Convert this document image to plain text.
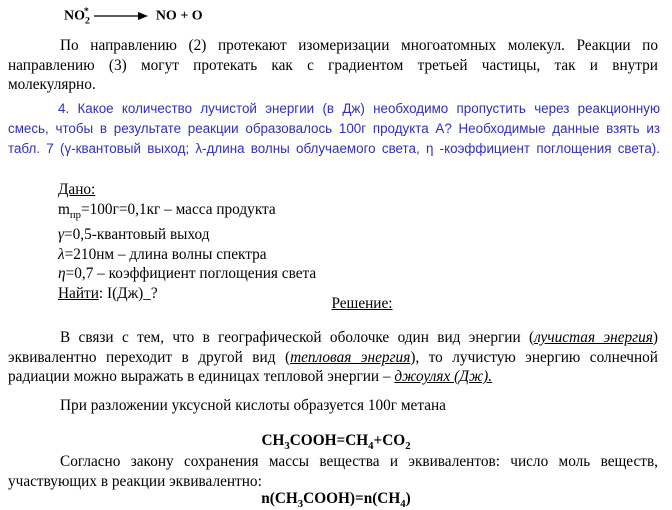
$NO_2^*$	NO + O
По направлению (2) протекают изомеризации многоатомных молекул. Реакции по
направлению (3) могут протекать как с градиентом третьей частицы, так и внутри
молекулярно.
4. Какое количество лучистой энергии (в Дж) необходимо пропустить через реакционную
смесь, чтобы в результате реакции образовалось 100г продукта А? Необходимые данные взять из
табл. 7 (γ-квантовый выход; λ-длина волны облучаемого света, η -коэффициент поглощения света).
Дано:
$m_{пр}=100г=0,1кг$ – масса продукта
γ=0,5-квантовый выход
λ=210нм – длина волны спектра
η=0,7 – коэффициент поглощения света
Найти: I(Дж)_?
Решение:
В связи с тем, что в географической оболочке один вид энергии (лучистая энергия)
эквивалентно переходит в другой вид (тепловая энергия), то лучистую энергию солнечной
радиации можно выражать в единицах тепловой энергии – джоулях (Дж).
При разложении уксусной кислоты образуется 100г метана
$CH_3COOH=CH_4+CO_2$
Согласно закону сохранения массы вещества и эквивалентов: число моль веществ,
участвующих в реакции эквивалентно:
$n(CH_3COOH)=n(CH_4)$
